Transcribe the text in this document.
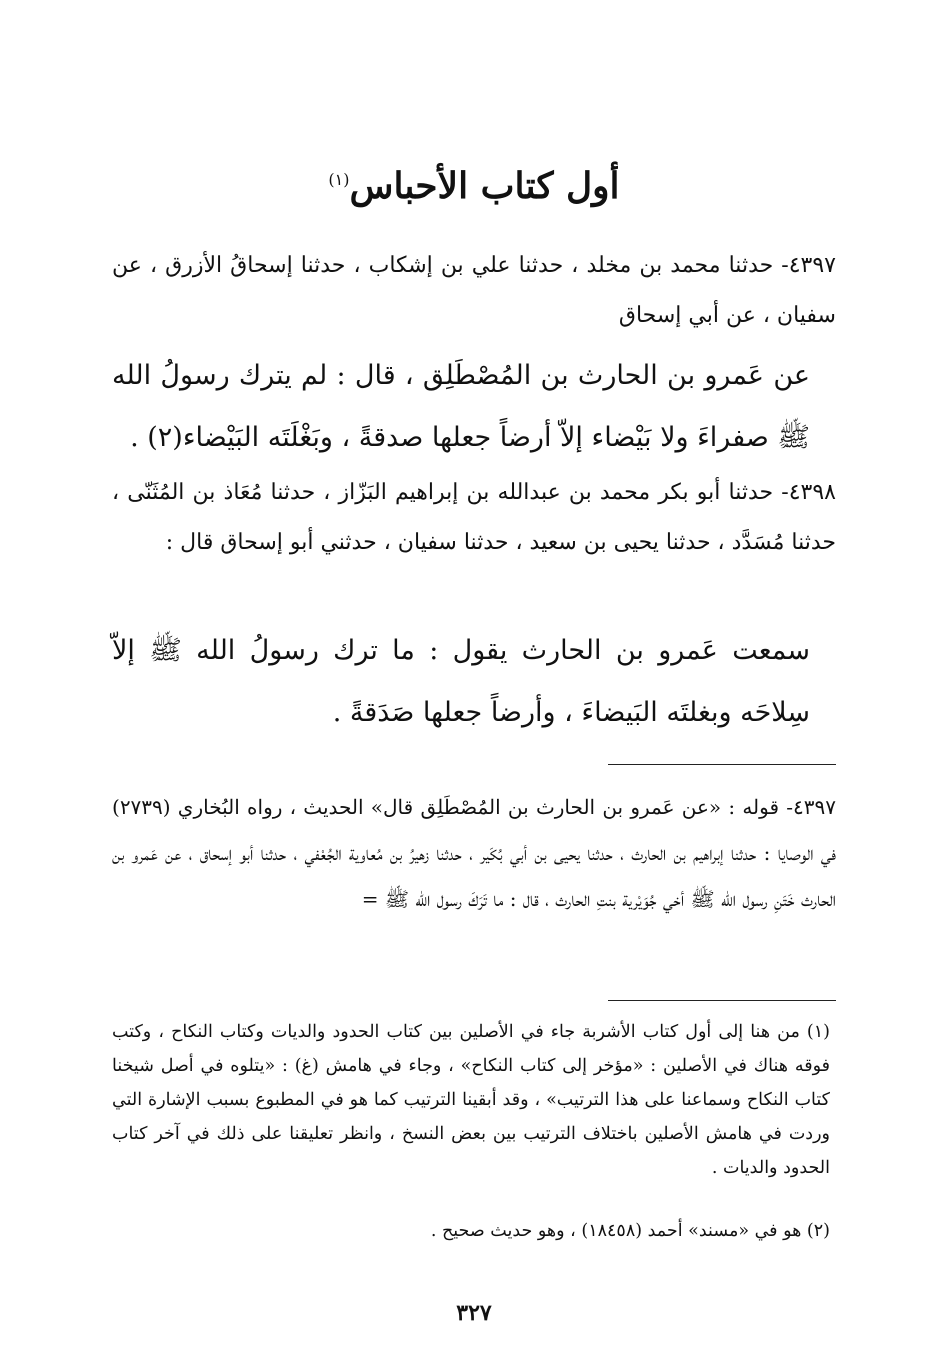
أول كتاب الأحباس$^{(١)}$
٤٣٩٧- حدثنا محمد بن مخلد ، حدثنا علي بن إشكاب ، حدثنا إسحاقُ الأزرق ، عن سفيان ، عن أبي إسحاق
عن عَمرو بن الحارث بن المُصْطَلِق ، قال : لم يترك رسولُ الله ﷺ صفراءَ ولا بَيْضاء إلاّ أرضاً جعلها صدقةً ، وبَغْلَتَه البَيْضاء(٢) .
٤٣٩٨- حدثنا أبو بكر محمد بن عبدالله بن إبراهيم البَزّاز ، حدثنا مُعَاذ بن المُثَنّى ، حدثنا مُسَدَّد ، حدثنا يحيى بن سعيد ، حدثنا سفيان ، حدثني أبو إسحاق قال :
سمعت عَمرو بن الحارث يقول : ما ترك رسولُ الله ﷺ إلاّ سِلاحَه وبغلتَه البَيضاءَ ، وأرضاً جعلها صَدَقةً .
٤٣٩٧- قوله : «عن عَمرو بن الحارث بن المُصْطَلِق قال» الحديث ، رواه البُخاري (٢٧٣٩) في الوصايا : حدثنا إبراهيم بن الحارث ، حدثنا يحيى بن أبي بُكَير ، حدثنا زهيرُ بن مُعاوية الجُعْفي ، حدثنا أبو إسحاق ، عن عَمرو بن الحارث خَتَنِ رسول الله ﷺ أخي جُوَيْرية بنتِ الحارث ، قال : ما تَرَكَ رسول الله ﷺ =
(١) من هنا إلى أول كتاب الأشربة جاء في الأصلين بين كتاب الحدود والديات وكتاب النكاح ، وكتب فوقه هناك في الأصلين : «مؤخر إلى كتاب النكاح» ، وجاء في هامش (غ) : «يتلوه في أصل شيخنا كتاب النكاح وسماعنا على هذا الترتيب» ، وقد أبقينا الترتيب كما هو في المطبوع بسبب الإشارة التي وردت في هامش الأصلين باختلاف الترتيب بين بعض النسخ ، وانظر تعليقنا على ذلك في آخر كتاب الحدود والديات .
(٢) هو في «مسند» أحمد (١٨٤٥٨) ، وهو حديث صحيح .
٣٢٧
